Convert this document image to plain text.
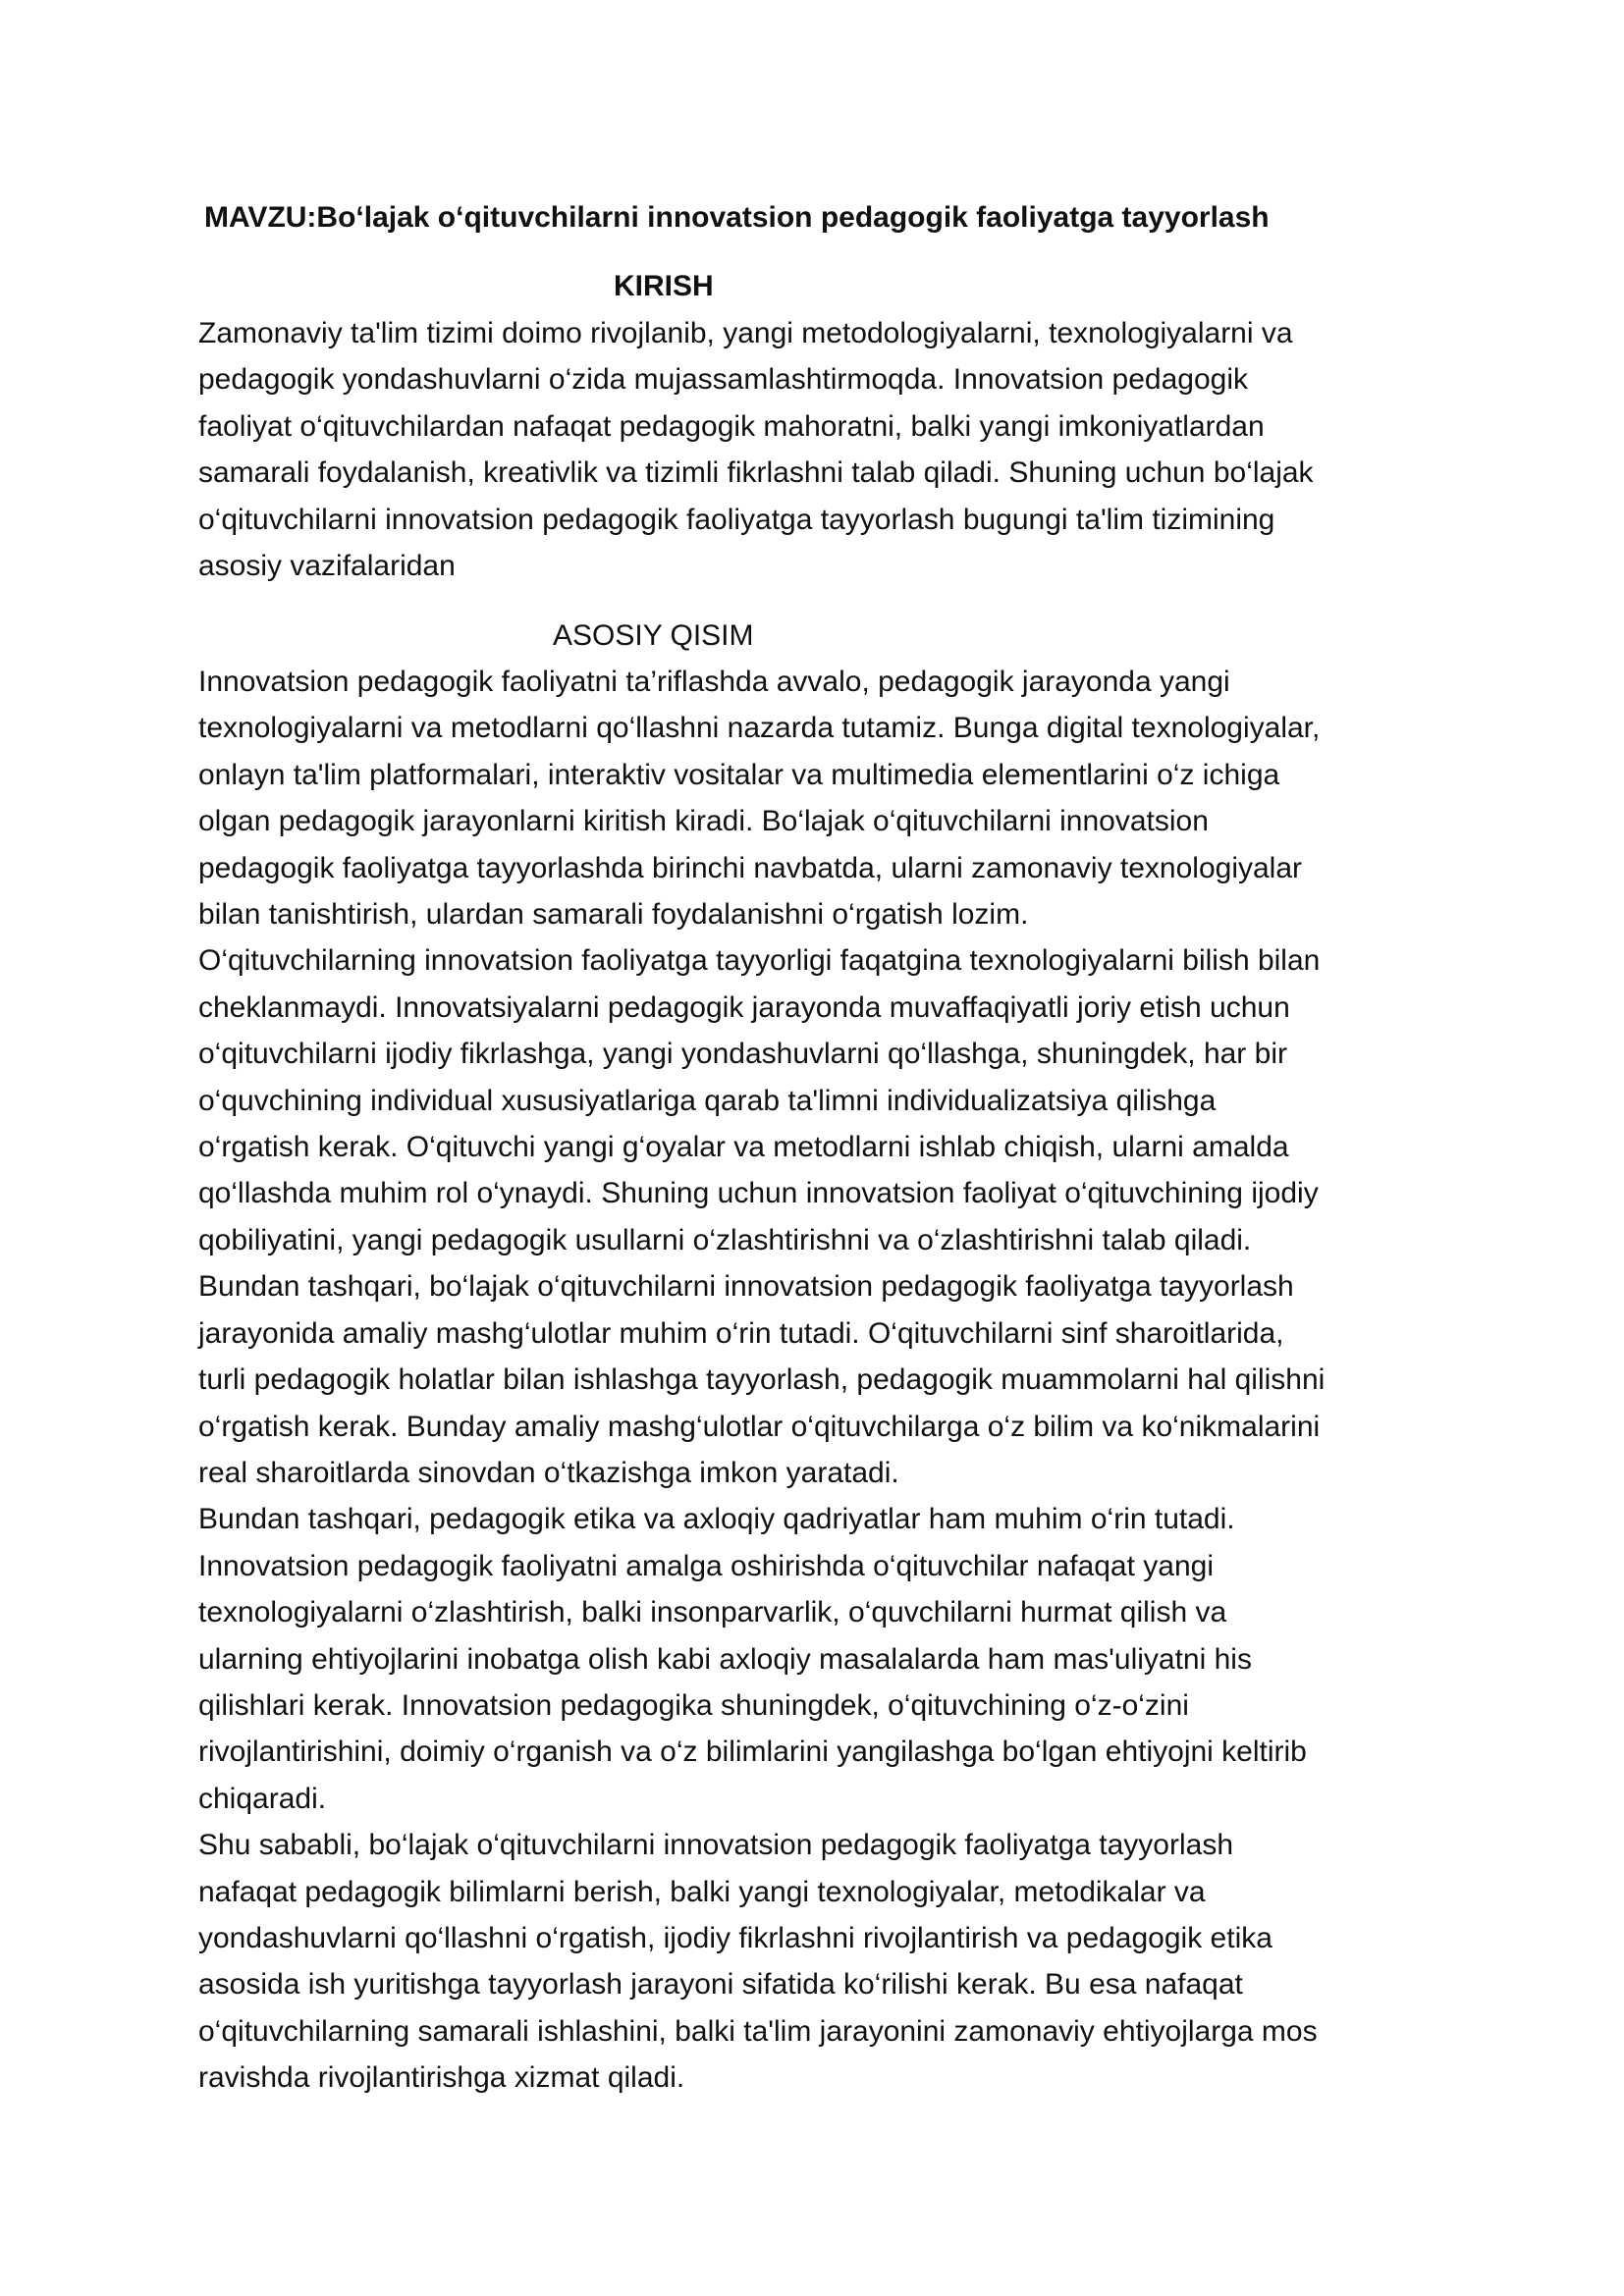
MAVZU:Bo‘lajak o‘qituvchilarni innovatsion pedagogik faoliyatga tayyorlash
KIRISH
Zamonaviy ta'lim tizimi doimo rivojlanib, yangi metodologiyalarni, texnologiyalarni va
pedagogik yondashuvlarni o‘zida mujassamlashtirmoqda. Innovatsion pedagogik
faoliyat o‘qituvchilardan nafaqat pedagogik mahoratni, balki yangi imkoniyatlardan
samarali foydalanish, kreativlik va tizimli fikrlashni talab qiladi. Shuning uchun bo‘lajak
o‘qituvchilarni innovatsion pedagogik faoliyatga tayyorlash bugungi ta'lim tizimining
asosiy vazifalaridan
ASOSIY QISIM
Innovatsion pedagogik faoliyatni ta’riflashda avvalo, pedagogik jarayonda yangi
texnologiyalarni va metodlarni qo‘llashni nazarda tutamiz. Bunga digital texnologiyalar,
onlayn ta'lim platformalari, interaktiv vositalar va multimedia elementlarini o‘z ichiga
olgan pedagogik jarayonlarni kiritish kiradi. Bo‘lajak o‘qituvchilarni innovatsion
pedagogik faoliyatga tayyorlashda birinchi navbatda, ularni zamonaviy texnologiyalar
bilan tanishtirish, ulardan samarali foydalanishni o‘rgatish lozim.
O‘qituvchilarning innovatsion faoliyatga tayyorligi faqatgina texnologiyalarni bilish bilan
cheklanmaydi. Innovatsiyalarni pedagogik jarayonda muvaffaqiyatli joriy etish uchun
o‘qituvchilarni ijodiy fikrlashga, yangi yondashuvlarni qo‘llashga, shuningdek, har bir
o‘quvchining individual xususiyatlariga qarab ta'limni individualizatsiya qilishga
o‘rgatish kerak. O‘qituvchi yangi g‘oyalar va metodlarni ishlab chiqish, ularni amalda
qo‘llashda muhim rol o‘ynaydi. Shuning uchun innovatsion faoliyat o‘qituvchining ijodiy
qobiliyatini, yangi pedagogik usullarni o‘zlashtirishni va o‘zlashtirishni talab qiladi.
Bundan tashqari, bo‘lajak o‘qituvchilarni innovatsion pedagogik faoliyatga tayyorlash
jarayonida amaliy mashg‘ulotlar muhim o‘rin tutadi. O‘qituvchilarni sinf sharoitlarida,
turli pedagogik holatlar bilan ishlashga tayyorlash, pedagogik muammolarni hal qilishni
o‘rgatish kerak. Bunday amaliy mashg‘ulotlar o‘qituvchilarga o‘z bilim va ko‘nikmalarini
real sharoitlarda sinovdan o‘tkazishga imkon yaratadi.
Bundan tashqari, pedagogik etika va axloqiy qadriyatlar ham muhim o‘rin tutadi.
Innovatsion pedagogik faoliyatni amalga oshirishda o‘qituvchilar nafaqat yangi
texnologiyalarni o‘zlashtirish, balki insonparvarlik, o‘quvchilarni hurmat qilish va
ularning ehtiyojlarini inobatga olish kabi axloqiy masalalarda ham mas'uliyatni his
qilishlari kerak. Innovatsion pedagogika shuningdek, o‘qituvchining o‘z-o‘zini
rivojlantirishini, doimiy o‘rganish va o‘z bilimlarini yangilashga bo‘lgan ehtiyojni keltirib
chiqaradi.
Shu sababli, bo‘lajak o‘qituvchilarni innovatsion pedagogik faoliyatga tayyorlash
nafaqat pedagogik bilimlarni berish, balki yangi texnologiyalar, metodikalar va
yondashuvlarni qo‘llashni o‘rgatish, ijodiy fikrlashni rivojlantirish va pedagogik etika
asosida ish yuritishga tayyorlash jarayoni sifatida ko‘rilishi kerak. Bu esa nafaqat
o‘qituvchilarning samarali ishlashini, balki ta'lim jarayonini zamonaviy ehtiyojlarga mos
ravishda rivojlantirishga xizmat qiladi.
